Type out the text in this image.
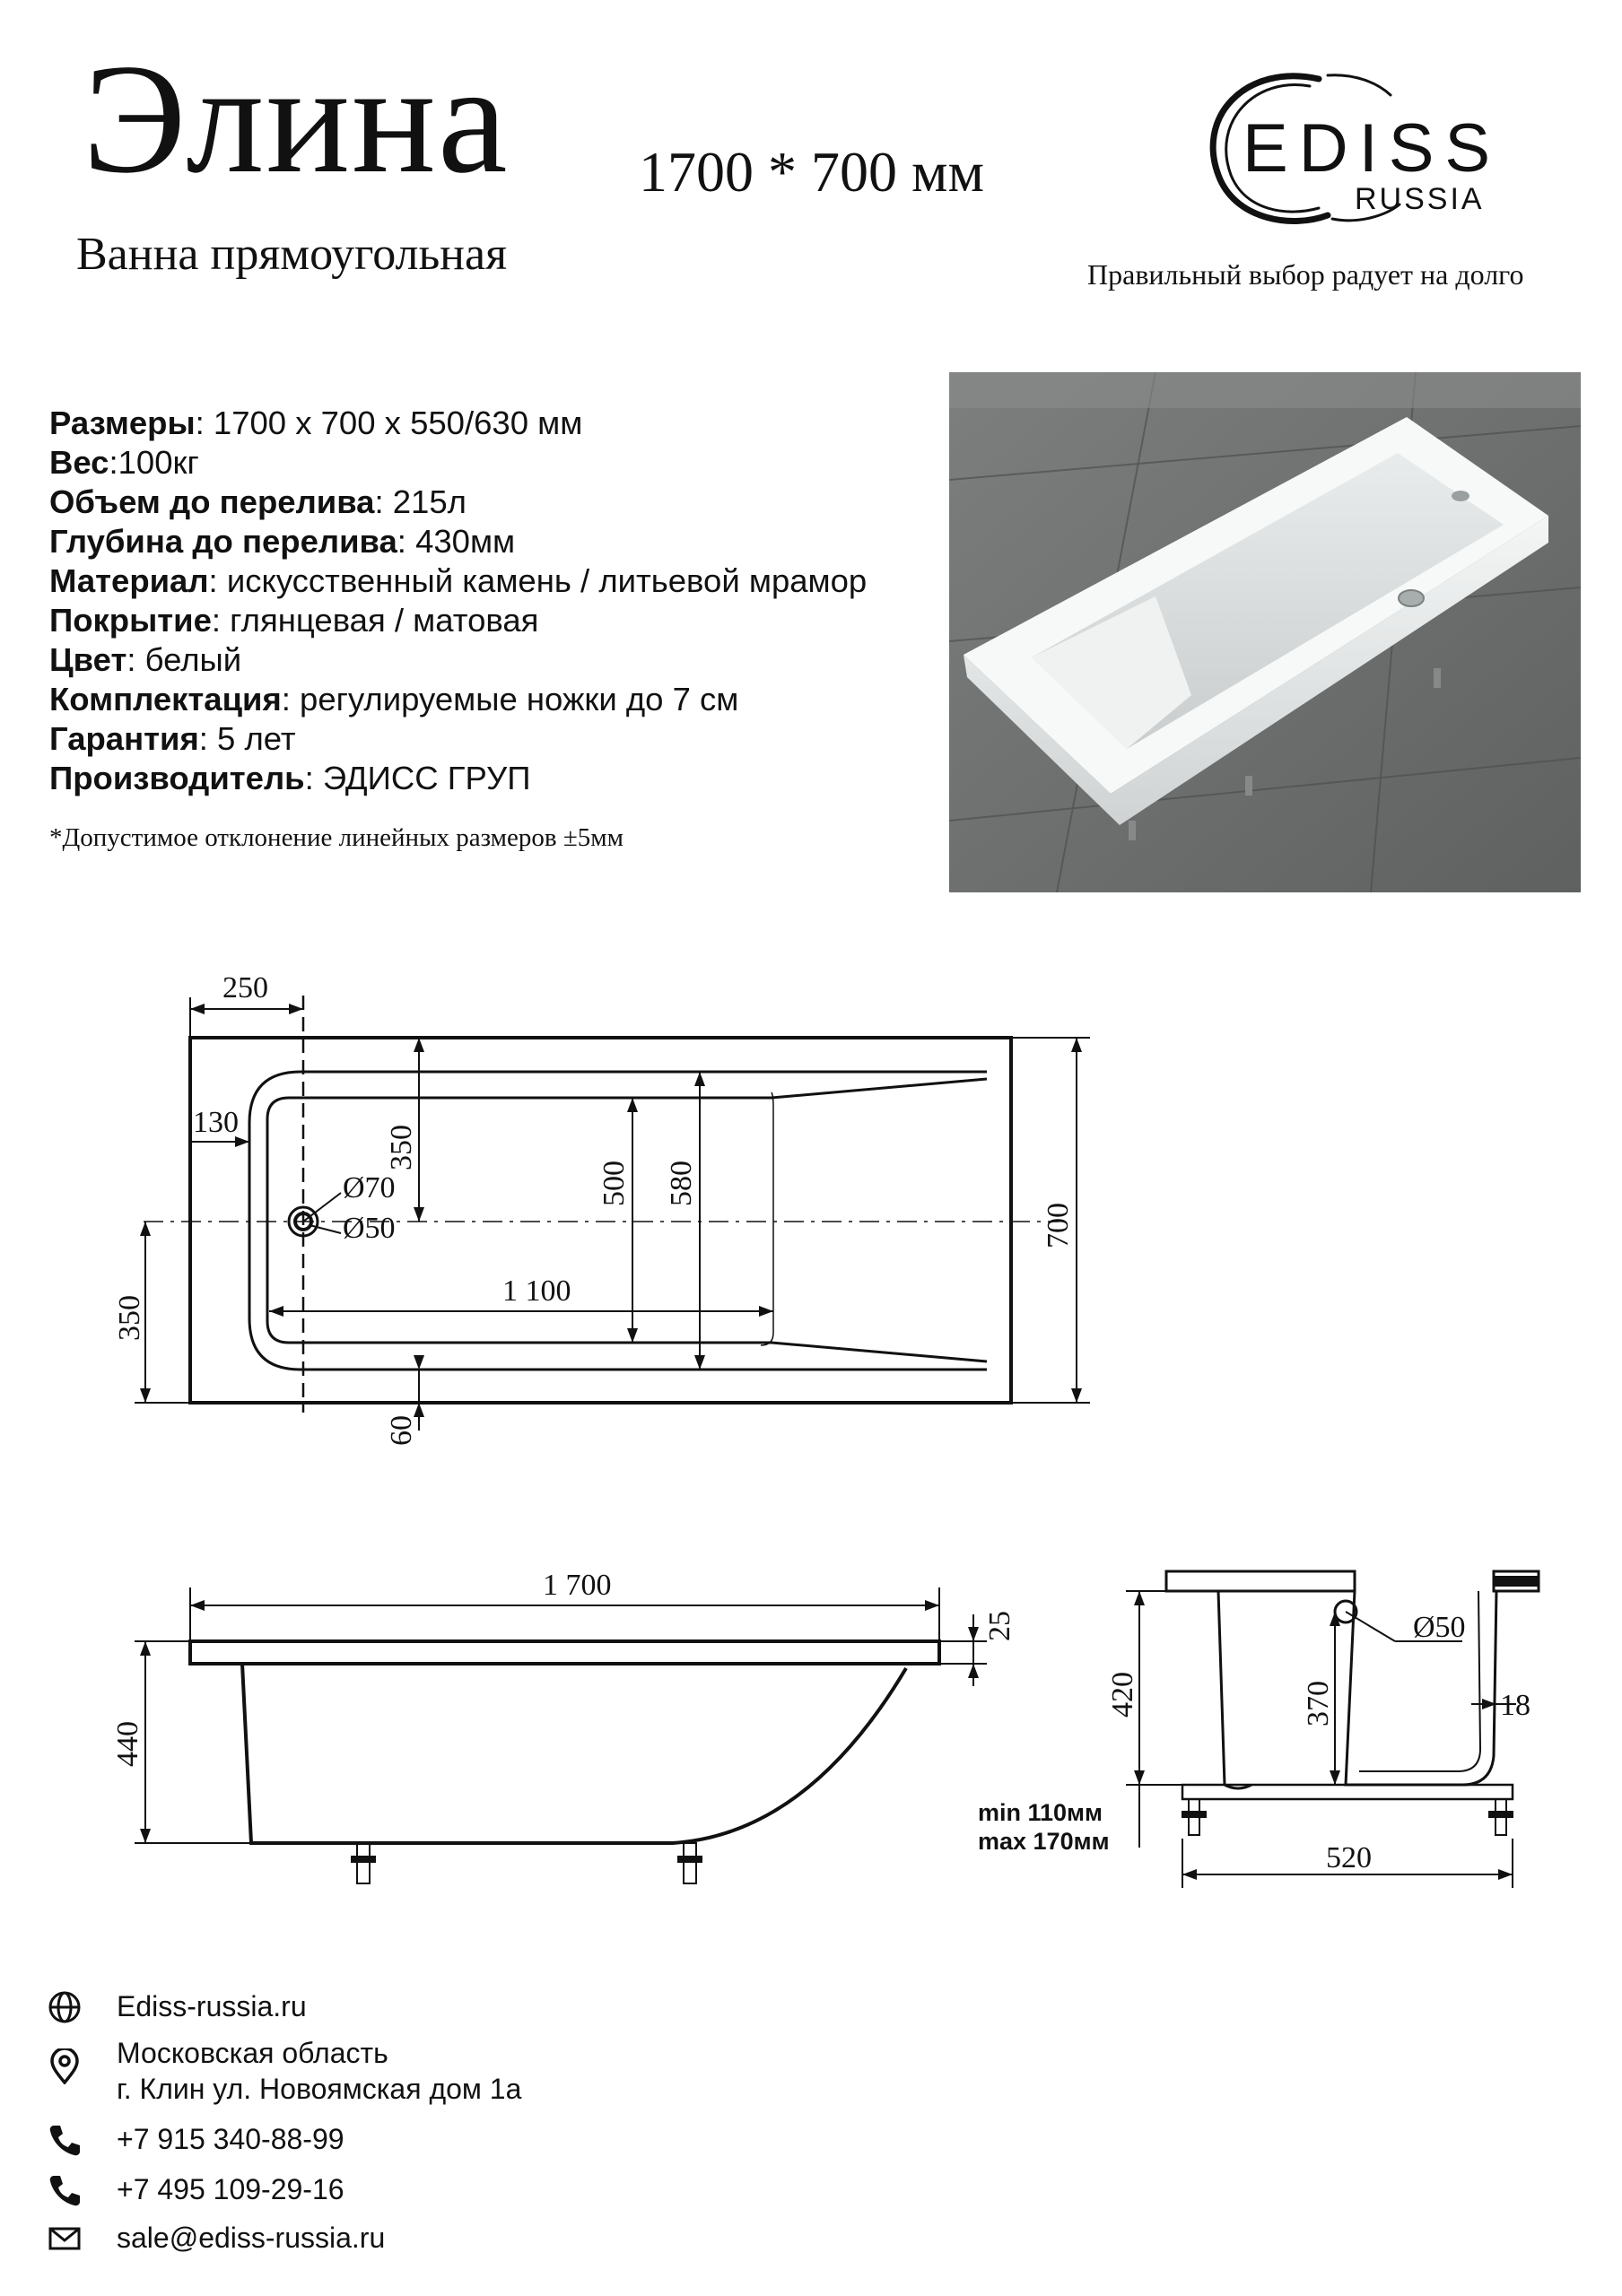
Элина 1700 * 700 мм
Ванна прямоугольная
EDISS
RUSSIA
Правильный выбор радует на долго
Размеры: 1700 х 700 х 550/630 мм
Вес:100кг
Объем до перелива: 215л
Глубина до перелива: 430мм
Материал: искусственный камень / литьевой мрамор
Покрытие: глянцевая / матовая
Цвет: белый
Комплектация: регулируемые ножки до 7 см
Гарантия: 5 лет
Производитель: ЭДИСС ГРУП
*Допустимое отклонение линейных размеров ±5мм
250
130
350
500 580
Ø70
Ø50
1 100
350
60
700
1 700
25
440
420	370
Ø50
18
min 110мм
max 170мм	520
Ediss-russia.ru
Московская область
г. Клин ул. Новоямская дом 1а
+7 915 340-88-99
+7 495 109-29-16
sale@ediss-russia.ru
